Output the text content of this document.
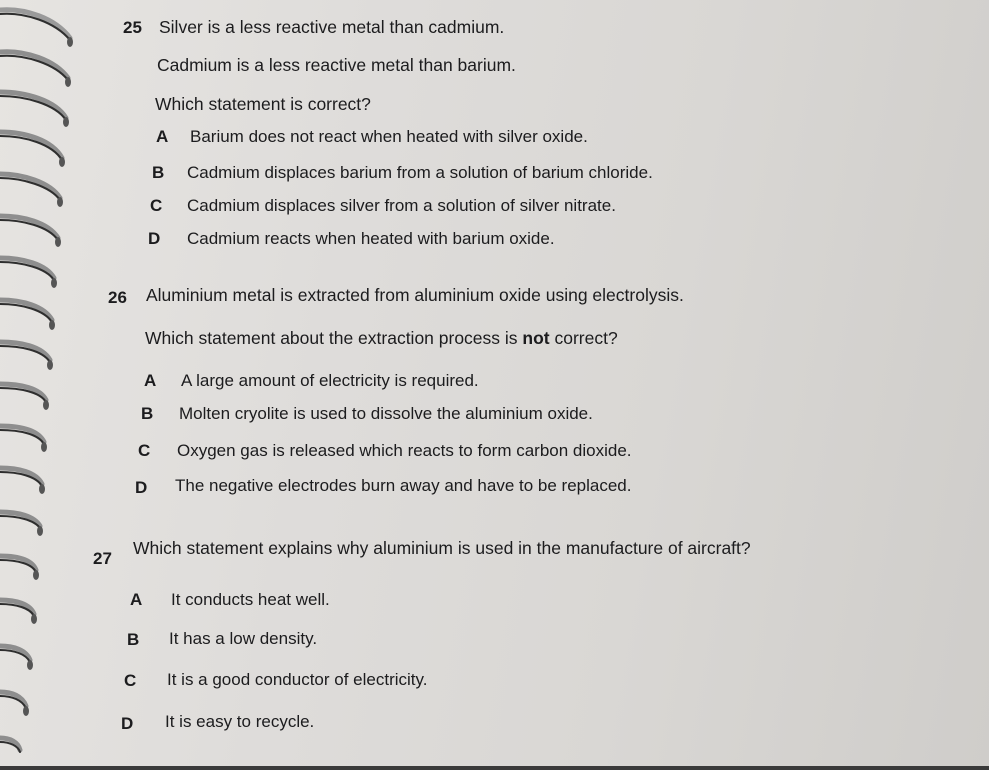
25 Silver is a less reactive metal than cadmium.
Cadmium is a less reactive metal than barium.
Which statement is correct?
A Barium does not react when heated with silver oxide.
B Cadmium displaces barium from a solution of barium chloride.
C Cadmium displaces silver from a solution of silver nitrate.
D Cadmium reacts when heated with barium oxide.
26 Aluminium metal is extracted from aluminium oxide using electrolysis.
Which statement about the extraction process is not correct?
A A large amount of electricity is required.
B Molten cryolite is used to dissolve the aluminium oxide.
C Oxygen gas is released which reacts to form carbon dioxide.
D The negative electrodes burn away and have to be replaced.
27
Which statement explains why aluminium is used in the manufacture of aircraft?
A It conducts heat well.
B It has a low density.
C It is a good conductor of electricity.
D It is easy to recycle.
